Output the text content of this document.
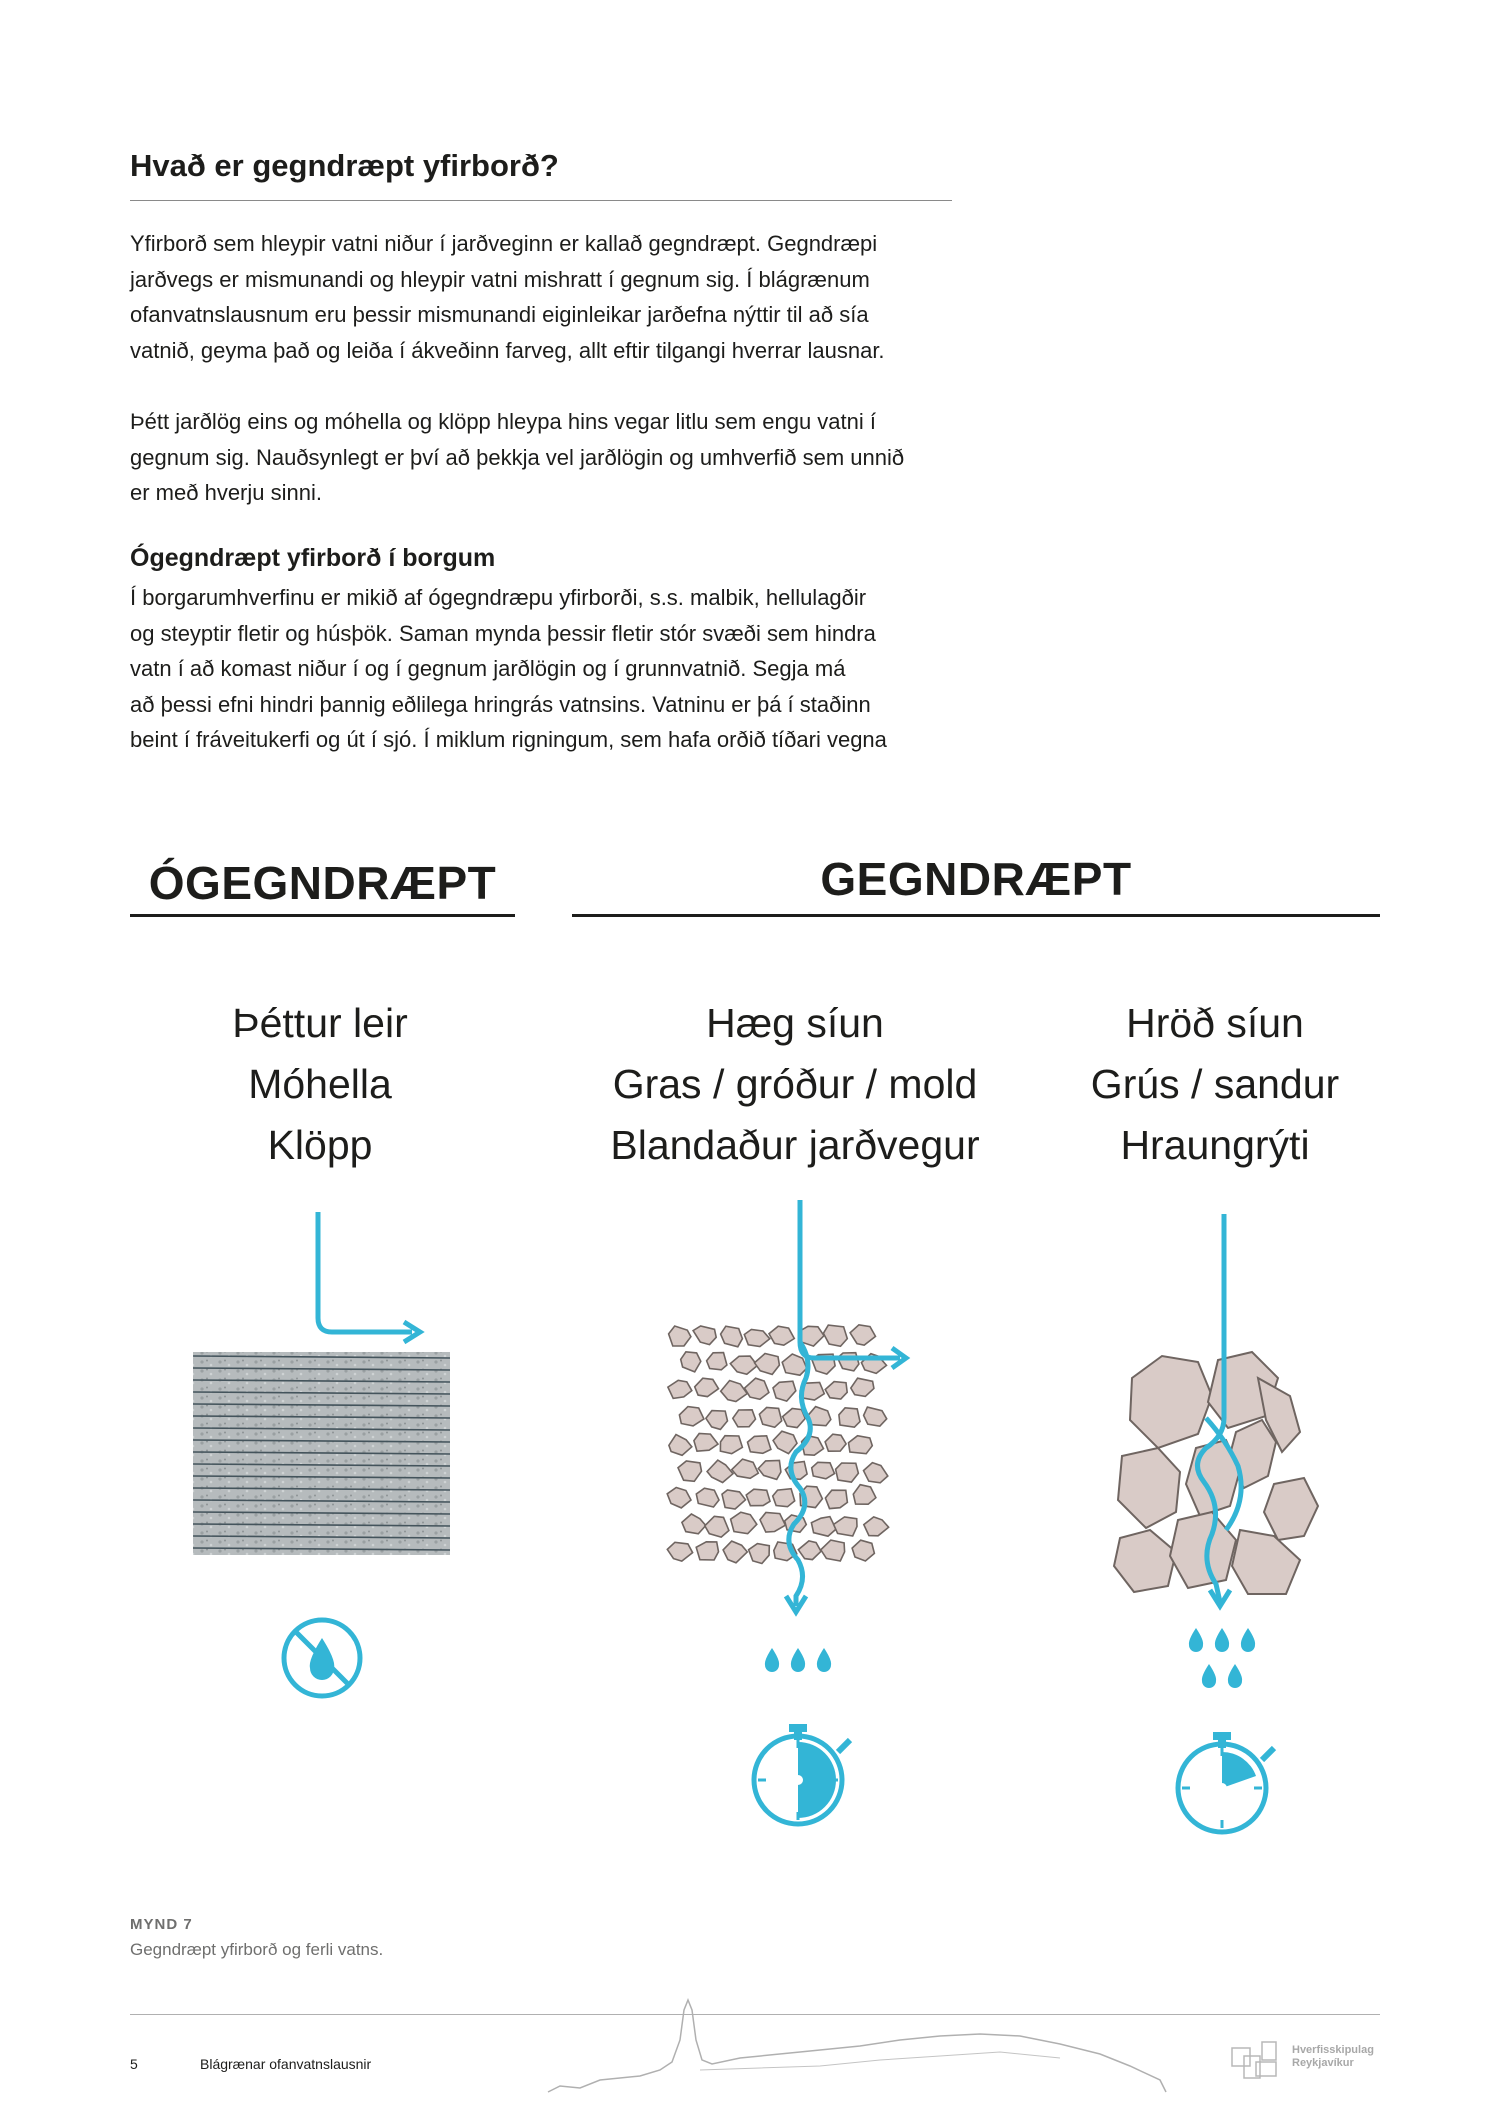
Hvað er gegndræpt yfirborð?

Yfirborð sem hleypir vatni niður í jarðveginn er kallað gegndræpt. Gegndræpi
jarðvegs er mismunandi og hleypir vatni mishratt í gegnum sig. Í blágrænum
ofanvatnslausnum eru þessir mismunandi eiginleikar jarðefna nýttir til að sía
vatnið, geyma það og leiða í ákveðinn farveg, allt eftir tilgangi hverrar lausnar.

Þétt jarðlög eins og móhella og klöpp hleypa hins vegar litlu sem engu vatni í
gegnum sig. Nauðsynlegt er því að þekkja vel jarðlögin og umhverfið sem unnið
er með hverju sinni.

Ógegndræpt yfirborð í borgum

Í borgarumhverfinu er mikið af ógegndræpu yfirborði, s.s. malbik, hellulagðir
og steyptir fletir og húsþök. Saman mynda þessir fletir stór svæði sem hindra
vatn í að komast niður í og í gegnum jarðlögin og í grunnvatnið. Segja má
að þessi efni hindri þannig eðlilega hringrás vatnsins. Vatninu er þá í staðinn
beint í fráveitukerfi og út í sjó. Í miklum rigningum, sem hafa orðið tíðari vegna

ÓGEGNDRÆPT	GEGNDRÆPT
Þéttur leir
Móhella
Klöpp
Hæg síun
Gras / gróður / mold
Blandaður jarðvegur
Hröð síun
Grús / sandur
Hraungrýti
MYND 7
Gegndræpt yfirborð og ferli vatns.
5	Blágrænar ofanvatnslausnir
Hverfisskipulag
Reykjavíkur
